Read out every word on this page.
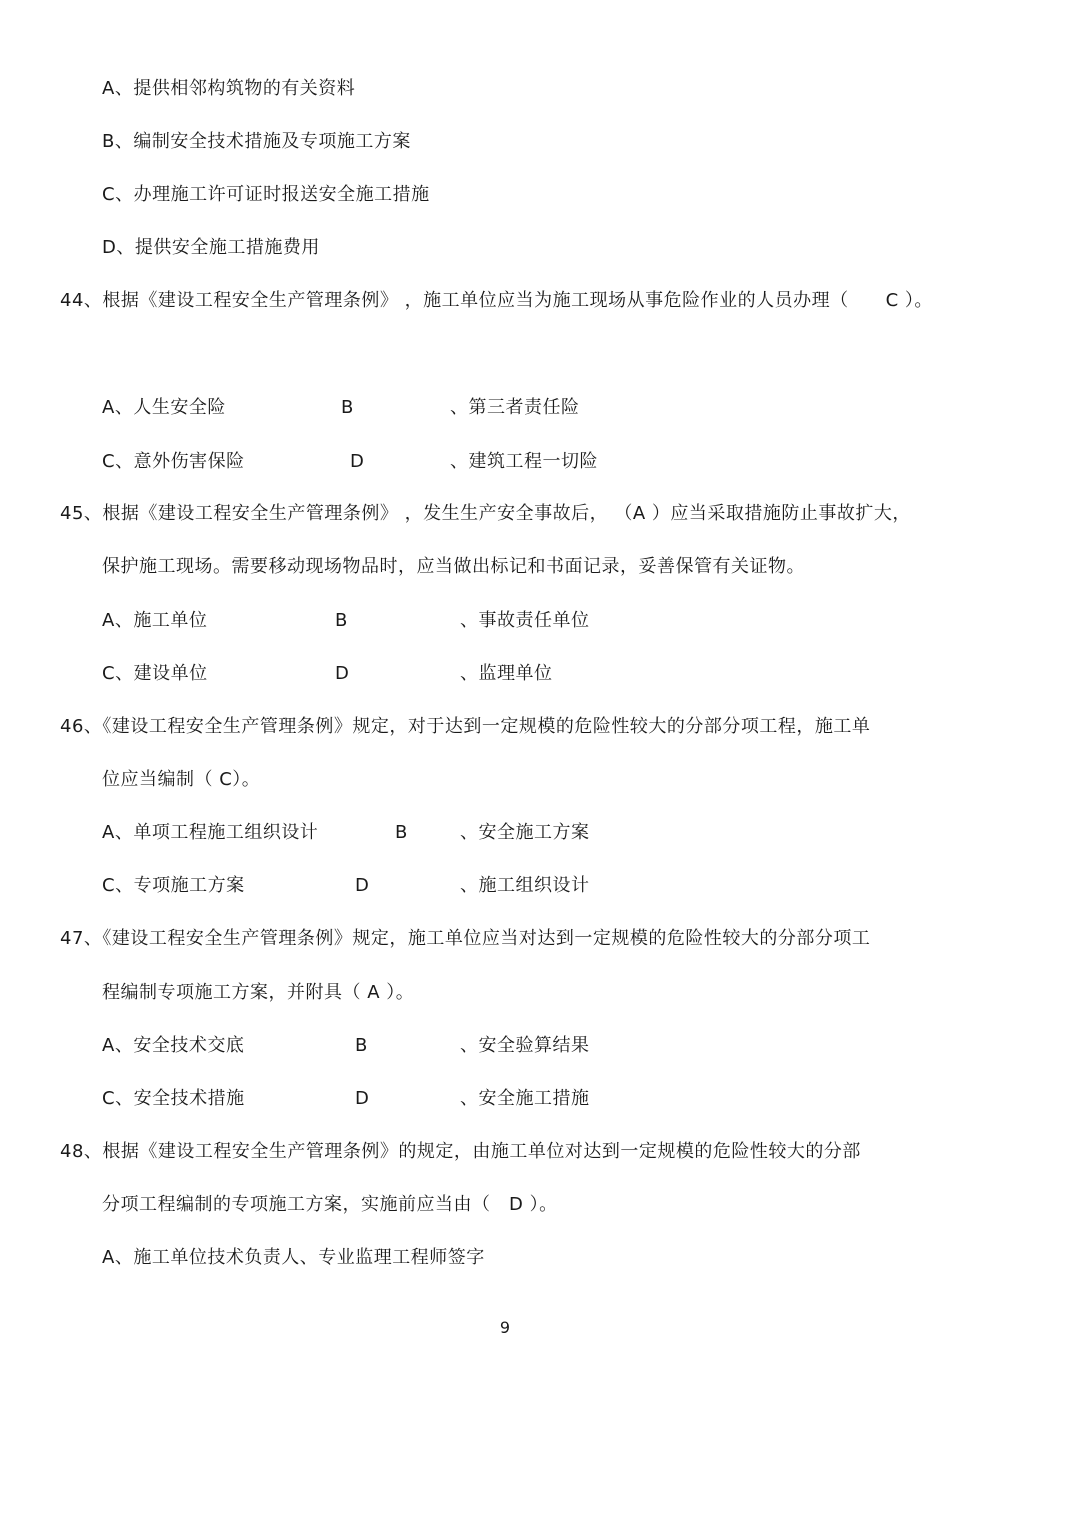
A、提供相邻构筑物的有关资料
B、编制安全技术措施及专项施工方案
C、办理施工许可证时报送安全施工措施
D、提供安全施工措施费用
44、根据《建设工程安全生产管理条例》 ，施工单位应当为施工现场从事危险作业的人员办理（　　C ）。
A、人生安全险	B	、第三者责任险
C、意外伤害保险	D	、建筑工程一切险
45、根据《建设工程安全生产管理条例》 ，发生生产安全事故后， （A ）应当采取措施防止事故扩大，
保护施工现场。需要移动现场物品时，应当做出标记和书面记录，妥善保管有关证物。
A、施工单位	B	、事故责任单位
C、建设单位	D	、监理单位
46、《建设工程安全生产管理条例》规定，对于达到一定规模的危险性较大的分部分项工程，施工单
位应当编制（ C）。
A、单项工程施工组织设计	B	、安全施工方案
C、专项施工方案	D	、施工组织设计
47、《建设工程安全生产管理条例》规定，施工单位应当对达到一定规模的危险性较大的分部分项工
程编制专项施工方案，并附具（ A ）。
A、安全技术交底	B	、安全验算结果
C、安全技术措施	D	、安全施工措施
48、根据《建设工程安全生产管理条例》的规定，由施工单位对达到一定规模的危险性较大的分部
分项工程编制的专项施工方案，实施前应当由（　D ）。
A、施工单位技术负责人、专业监理工程师签字
9
